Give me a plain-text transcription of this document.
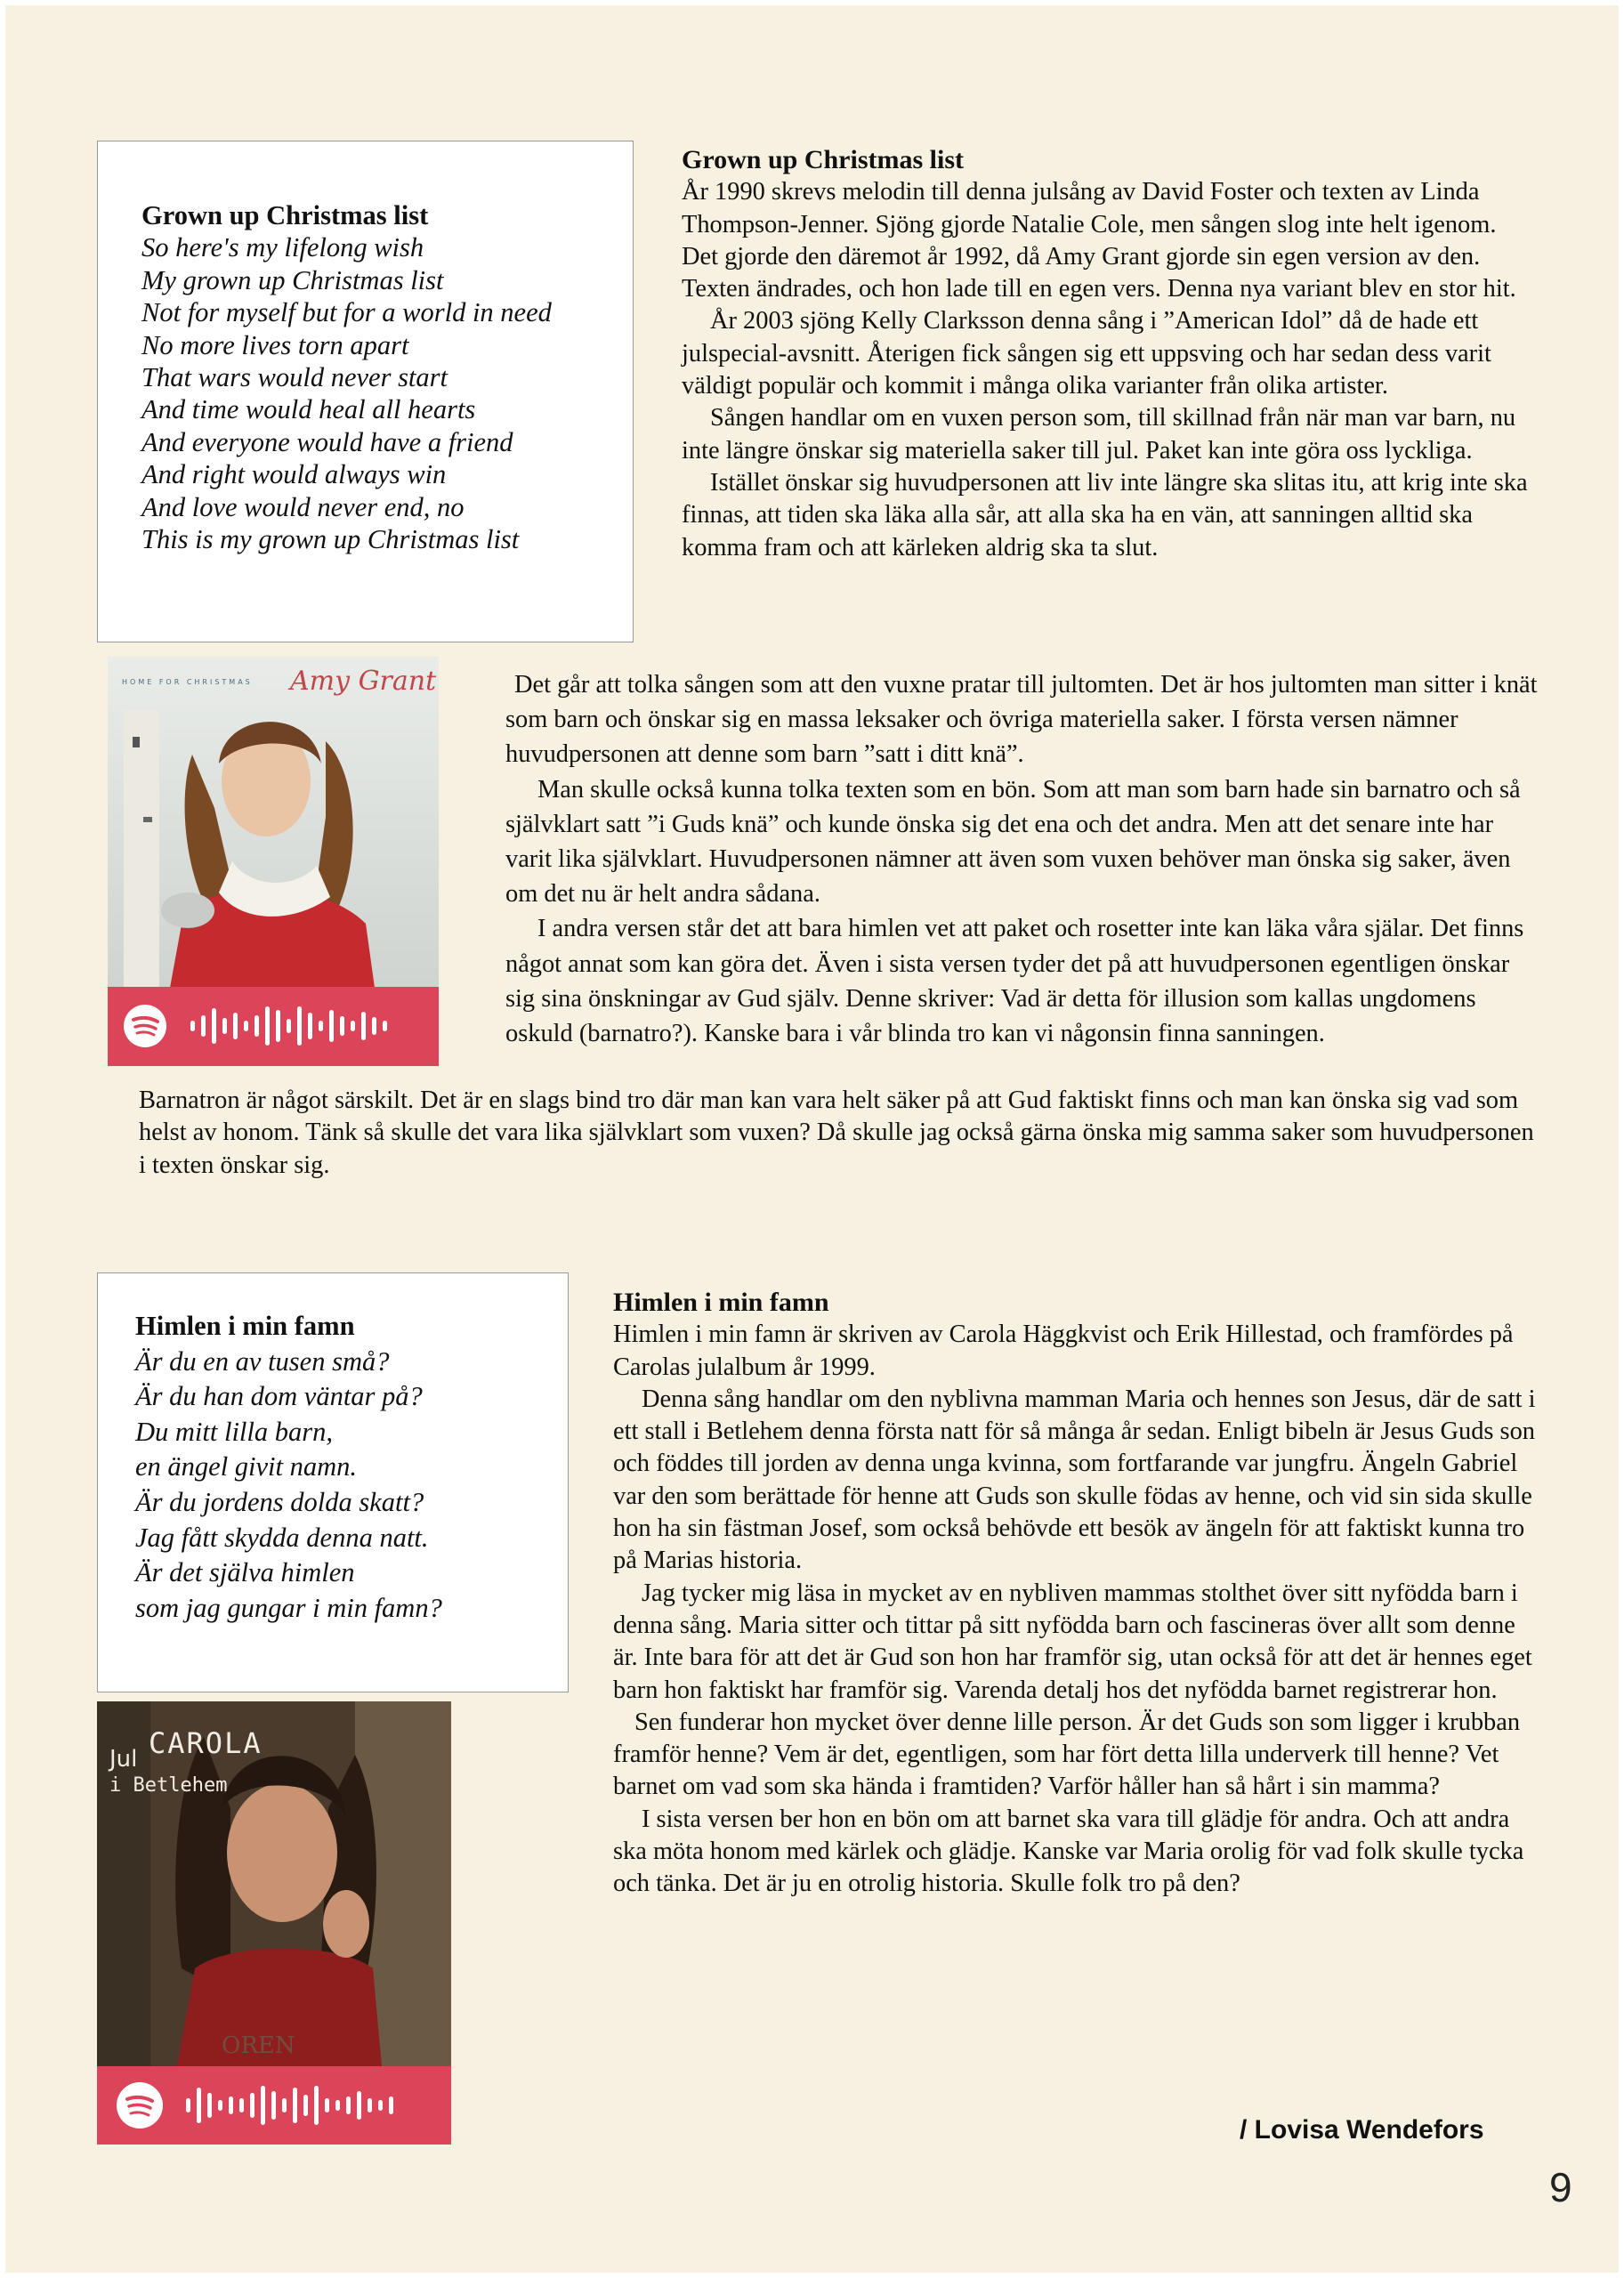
Grown up Christmas list
So here's my lifelong wish
My grown up Christmas list
Not for myself but for a world in need
No more lives torn apart
That wars would never start
And time would heal all hearts
And everyone would have a friend
And right would always win
And love would never end, no
This is my grown up Christmas list
Grown up Christmas list

År 1990 skrevs melodin till denna julsång av David Foster och texten av Linda Thompson-Jenner. Sjöng gjorde Natalie Cole, men sången slog inte helt igenom. Det gjorde den däremot år 1992, då Amy Grant gjorde sin egen version av den. Texten ändrades, och hon lade till en egen vers. Denna nya variant blev en stor hit.

År 2003 sjöng Kelly Clarksson denna sång i ”American Idol” då de hade ett julspecial-avsnitt. Återigen fick sången sig ett uppsving och har sedan dess varit väldigt populär och kommit i många olika varianter från olika artister.

Sången handlar om en vuxen person som, till skillnad från när man var barn, nu inte längre önskar sig materiella saker till jul. Paket kan inte göra oss lyckliga.

Istället önskar sig huvudpersonen att liv inte längre ska slitas itu, att krig inte ska finnas, att tiden ska läka alla sår, att alla ska ha en vän, att sanningen alltid ska komma fram och att kärleken aldrig ska ta slut.

HOME FOR CHRISTMAS Amy Grant	Det går att tolka sången som att den vuxne pratar till jultomten. Det är hos jultomten man sitter i knät som barn och önskar sig en massa leksaker och övriga materiella saker. I första versen nämner huvudpersonen att denne som barn ”satt i ditt knä”.

Man skulle också kunna tolka texten som en bön. Som att man som barn hade sin barnatro och så självklart satt ”i Guds knä” och kunde önska sig det ena och det andra. Men att det senare inte har varit lika självklart. Huvudpersonen nämner att även som vuxen behöver man önska sig saker, även om det nu är helt andra sådana.

I andra versen står det att bara himlen vet att paket och rosetter inte kan läka våra själar. Det finns något annat som kan göra det. Även i sista versen tyder det på att huvudpersonen egentligen önskar sig sina önskningar av Gud själv. Denne skriver: Vad är detta för illusion som kallas ungdomens oskuld (barnatro?). Kanske bara i vår blinda tro kan vi någonsin finna sanningen.

Barnatron är något särskilt. Det är en slags bind tro där man kan vara helt säker på att Gud faktiskt finns och man kan önska sig vad som helst av honom. Tänk så skulle det vara lika självklart som vuxen? Då skulle jag också gärna önska mig samma saker som huvudpersonen i texten önskar sig.

Himlen i min famn
Är du en av tusen små?
Är du han dom väntar på?
Du mitt lilla barn,
en ängel givit namn.
Är du jordens dolda skatt?
Jag fått skydda denna natt.
Är det själva himlen
som jag gungar i min famn?
OREN
Jul CAROLA
i Betlehem
Himlen i min famn

Himlen i min famn är skriven av Carola Häggkvist och Erik Hillestad, och framfördes på Carolas julalbum år 1999.

Denna sång handlar om den nyblivna mamman Maria och hennes son Jesus, där de satt i ett stall i Betlehem denna första natt för så många år sedan. Enligt bibeln är Jesus Guds son och föddes till jorden av denna unga kvinna, som fortfarande var jungfru. Ängeln Gabriel var den som berättade för henne att Guds son skulle födas av henne, och vid sin sida skulle hon ha sin fästman Josef, som också behövde ett besök av ängeln för att faktiskt kunna tro på Marias historia.

Jag tycker mig läsa in mycket av en nybliven mammas stolthet över sitt nyfödda barn i denna sång. Maria sitter och tittar på sitt nyfödda barn och fascineras över allt som denne är. Inte bara för att det är Gud son hon har framför sig, utan också för att det är hennes eget barn hon faktiskt har framför sig. Varenda detalj hos det nyfödda barnet registrerar hon.

Sen funderar hon mycket över denne lille person. Är det Guds son som ligger i krubban framför henne? Vem är det, egentligen, som har fört detta lilla underverk till henne? Vet barnet om vad som ska hända i framtiden? Varför håller han så hårt i sin mamma?

I sista versen ber hon en bön om att barnet ska vara till glädje för andra. Och att andra ska möta honom med kärlek och glädje. Kanske var Maria orolig för vad folk skulle tycka och tänka. Det är ju en otrolig historia. Skulle folk tro på den?

/ Lovisa Wendefors
9
